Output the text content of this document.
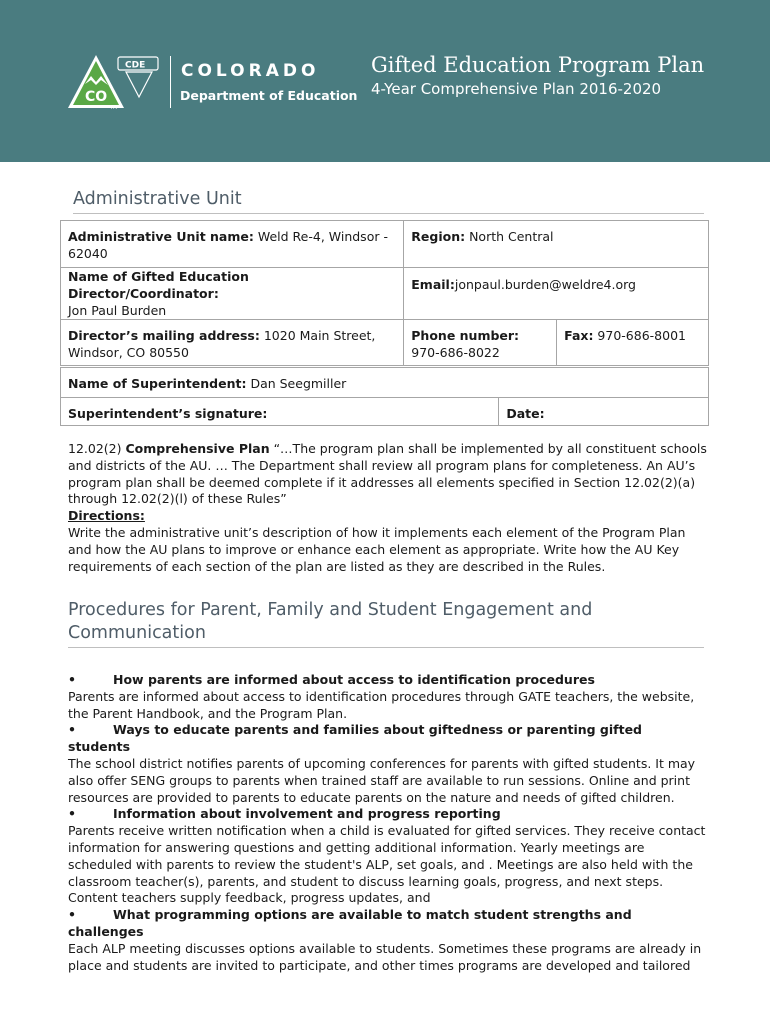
CO
CDE
TM
COLORADO
Department of Education
Gifted Education Program Plan
4-Year Comprehensive Plan 2016-2020
Administrative Unit
Administrative Unit name: Weld Re-4, Windsor - 62040	Region: North Central	

Name of Gifted Education Director/Coordinator:
Jon Paul Burden	Email:jonpaul.burden@weldre4.org	

Director’s mailing address: 1020 Main Street, Windsor, CO 80550	Phone number: 970-686-8022	Fax: 970-686-8001
Name of Superintendent: Dan Seegmiller

Superintendent’s signature:	Date:
12.02(2) Comprehensive Plan “…The program plan shall be implemented by all constituent schools and districts of the AU. … The Department shall review all program plans for completeness. An AU’s program plan shall be deemed complete if it addresses all elements specified in Section 12.02(2)(a) through 12.02(2)(l) of these Rules”
Directions:
Write the administrative unit’s description of how it implements each element of the Program Plan and how the AU plans to improve or enhance each element as appropriate. Write how the AU Key requirements of each section of the plan are listed as they are described in the Rules.
Procedures for Parent, Family and Student Engagement and Communication
•	How parents are informed about access to identification procedures
Parents are informed about access to identification procedures through GATE teachers, the website, the Parent Handbook, and the Program Plan.
•	Ways to educate parents and families about giftedness or parenting gifted students
The school district notifies parents of upcoming conferences for parents with gifted students. It may also offer SENG groups to parents when trained staff are available to run sessions. Online and print resources are provided to parents to educate parents on the nature and needs of gifted children.
•	Information about involvement and progress reporting
Parents receive written notification when a child is evaluated for gifted services. They receive contact information for answering questions and getting additional information. Yearly meetings are scheduled with parents to review the student's ALP, set goals, and . Meetings are also held with the classroom teacher(s), parents, and student to discuss learning goals, progress, and next steps. Content teachers supply feedback, progress updates, and
•	What programming options are available to match student strengths and challenges
Each ALP meeting discusses options available to students. Sometimes these programs are already in place and students are invited to participate, and other times programs are developed and tailored
